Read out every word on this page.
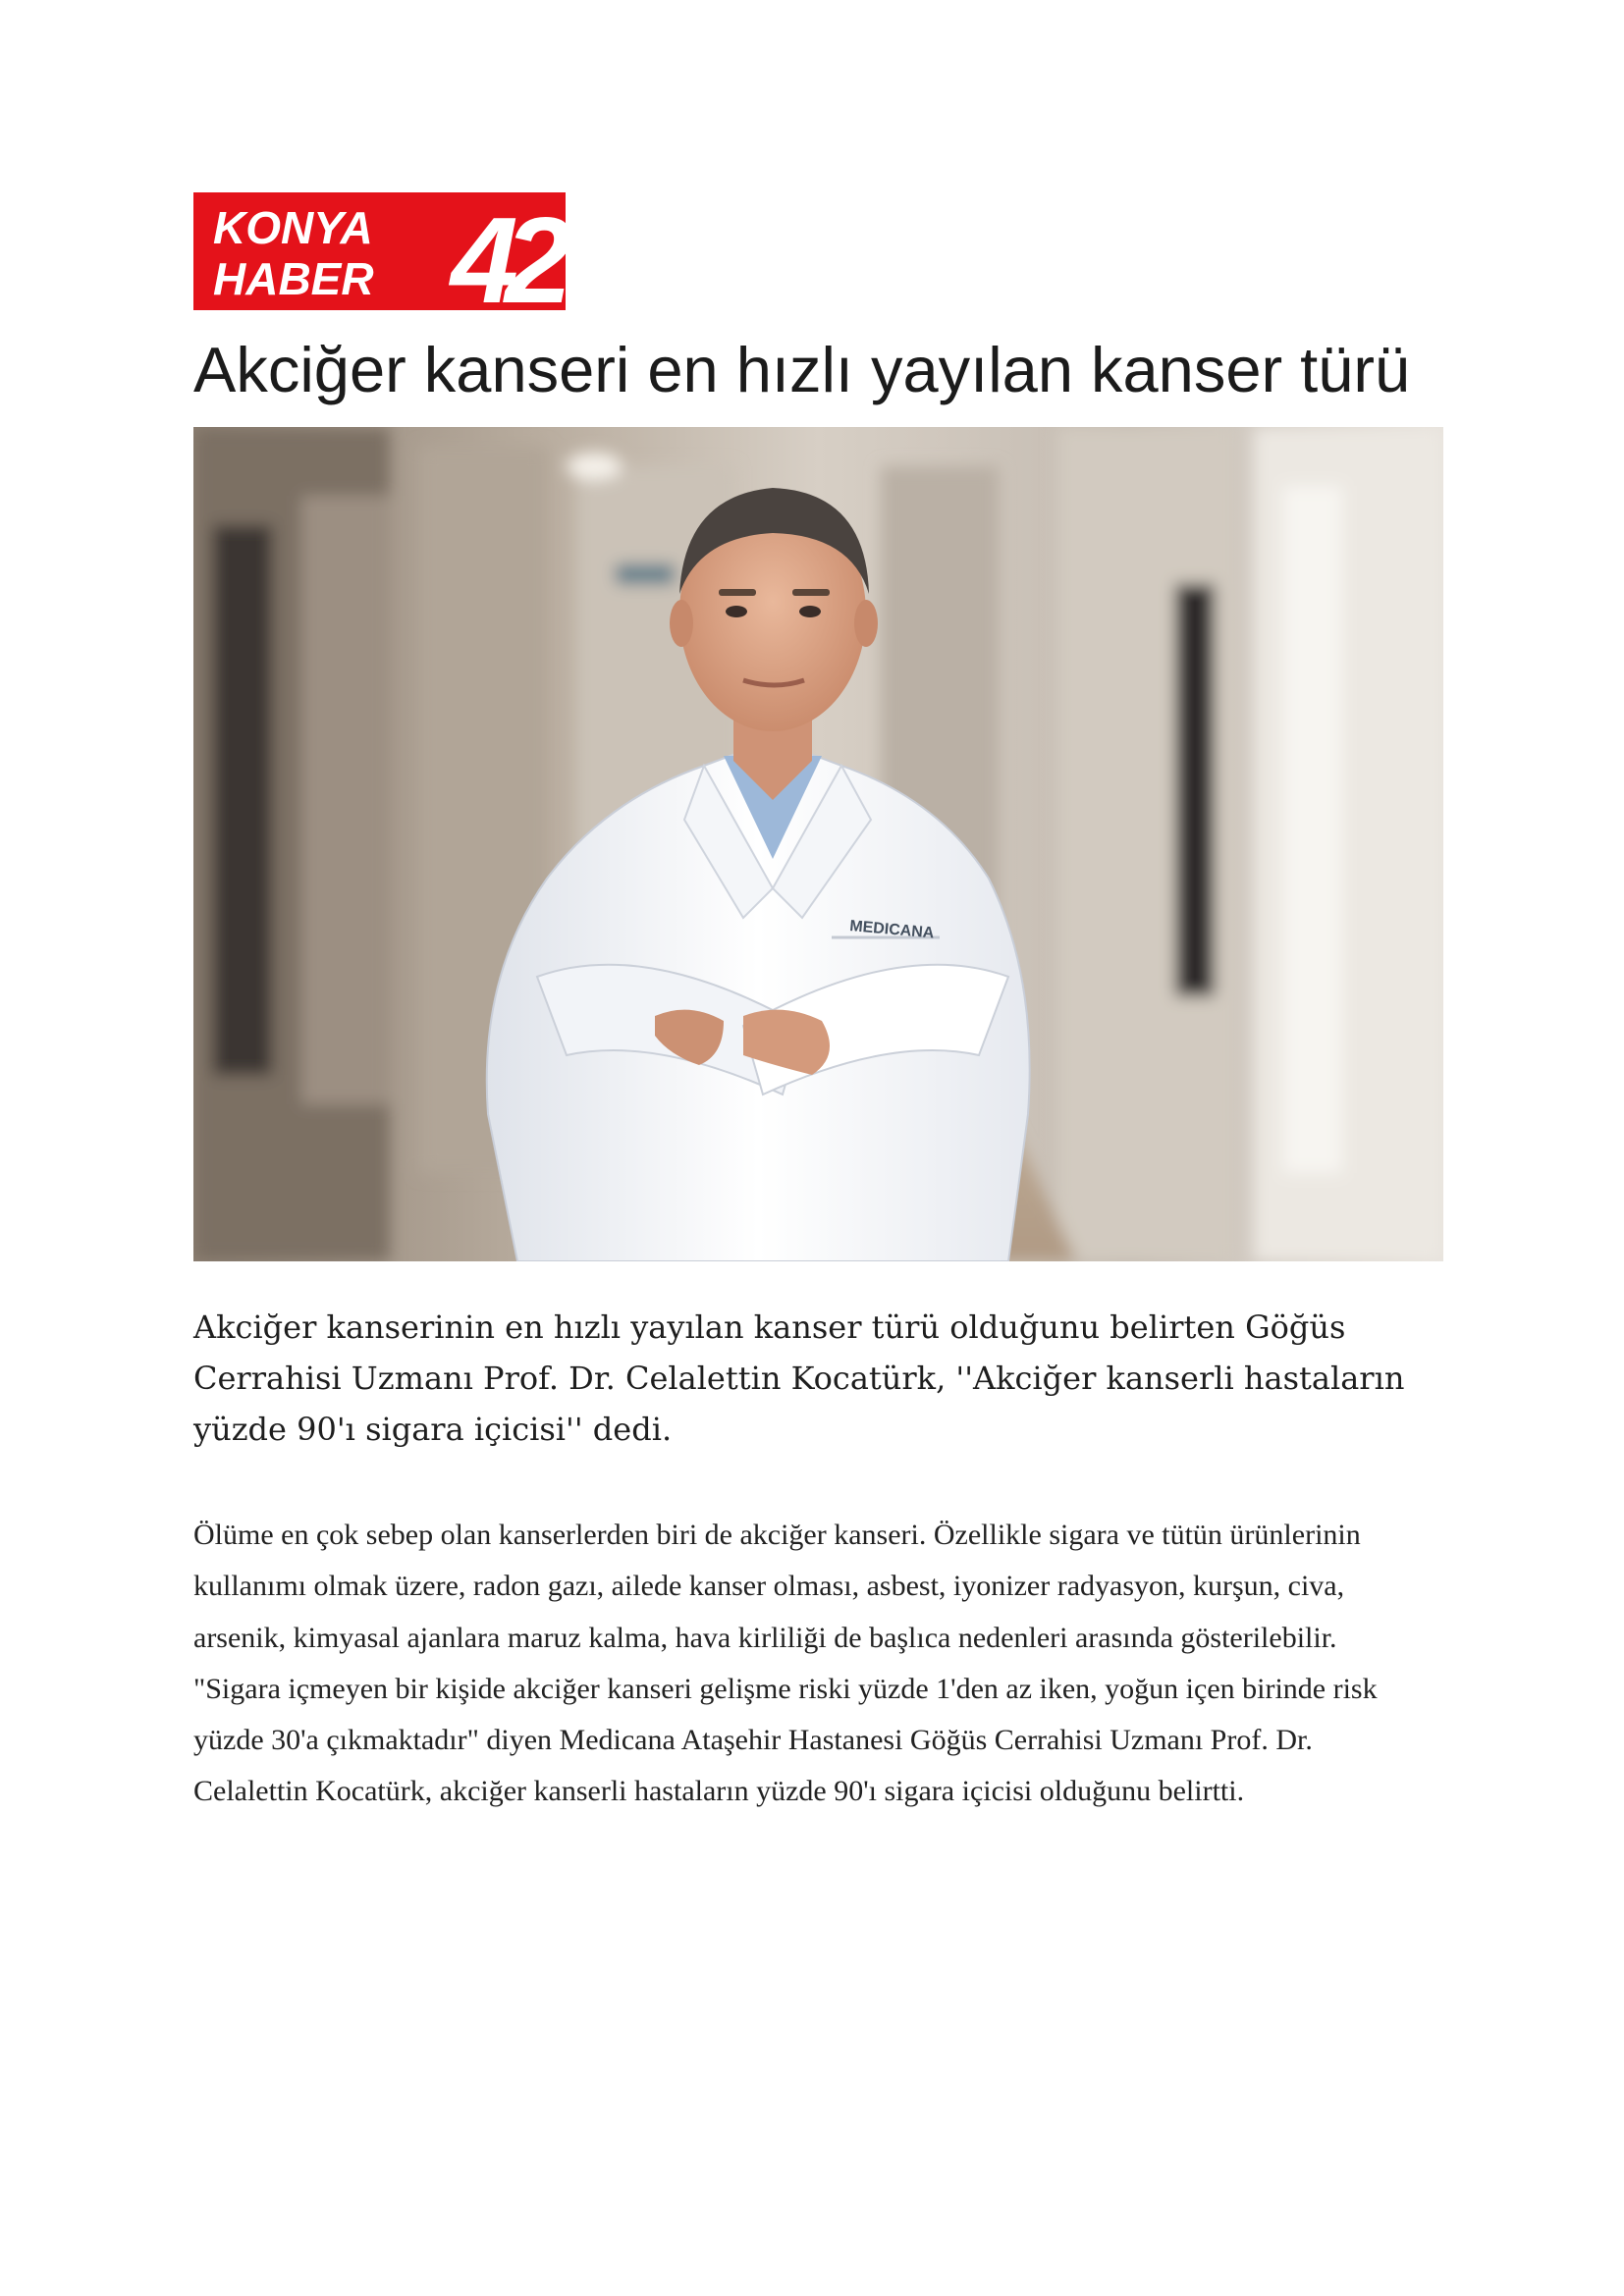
KONYA
HABER 42
Akciğer kanseri en hızlı yayılan kanser türü
MEDICANA

Akciğer kanserinin en hızlı yayılan kanser türü olduğunu belirten Göğüs Cerrahisi Uzmanı Prof. Dr. Celalettin Kocatürk, ''Akciğer kanserli hastaların yüzde 90'ı sigara içicisi'' dedi.

Ölüme en çok sebep olan kanserlerden biri de akciğer kanseri. Özellikle sigara ve tütün ürünlerinin kullanımı olmak üzere, radon gazı, ailede kanser olması, asbest, iyonizer radyasyon, kurşun, civa, arsenik, kimyasal ajanlara maruz kalma, hava kirliliği de başlıca nedenleri arasında gösterilebilir. "Sigara içmeyen bir kişide akciğer kanseri gelişme riski yüzde 1'den az iken, yoğun içen birinde risk yüzde 30'a çıkmaktadır" diyen Medicana Ataşehir Hastanesi Göğüs Cerrahisi Uzmanı Prof. Dr. Celalettin Kocatürk, akciğer kanserli hastaların yüzde 90'ı sigara içicisi olduğunu belirtti.
